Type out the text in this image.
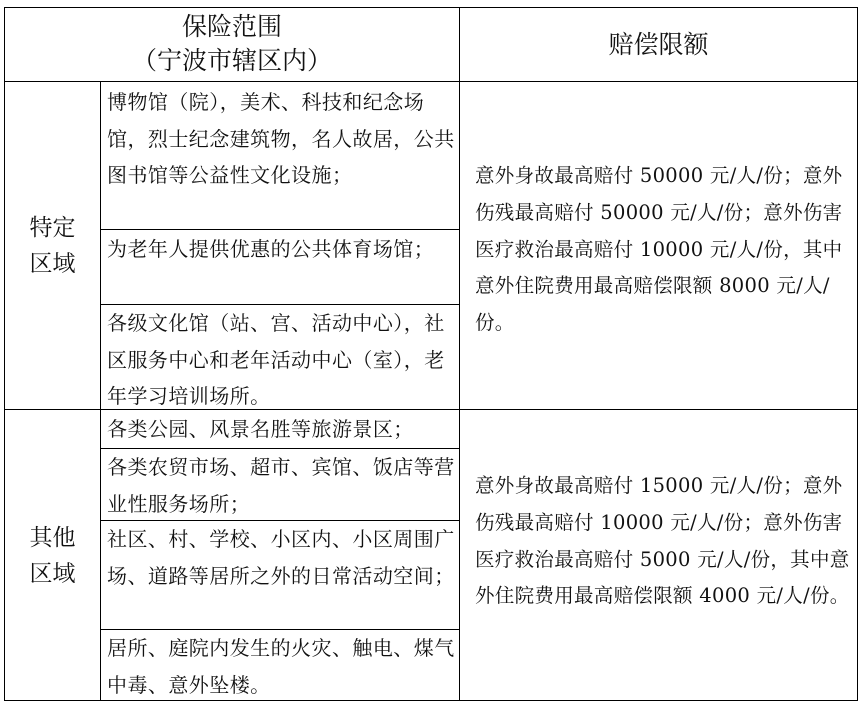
保险范围
（宁波市辖区内）
赔偿限额
特定
区域
博物馆（院），美术、科技和纪念场馆，烈士纪念建筑物，名人故居，公共图书馆等公益性文化设施；
为老年人提供优惠的公共体育场馆；
各级文化馆（站、宫、活动中心），社区服务中心和老年活动中心（室），老年学习培训场所。
意外身故最高赔付 50000 元/人/份；意外伤残最高赔付 50000 元/人/份；意外伤害医疗救治最高赔付 10000 元/人/份，其中意外住院费用最高赔偿限额 8000 元/人/份。
其他
区域
各类公园、风景名胜等旅游景区；
各类农贸市场、超市、宾馆、饭店等营业性服务场所；
社区、村、学校、小区内、小区周围广场、道路等居所之外的日常活动空间；
居所、庭院内发生的火灾、触电、煤气中毒、意外坠楼。
意外身故最高赔付 15000 元/人/份；意外伤残最高赔付 10000 元/人/份；意外伤害医疗救治最高赔付 5000 元/人/份，其中意外住院费用最高赔偿限额 4000 元/人/份。
